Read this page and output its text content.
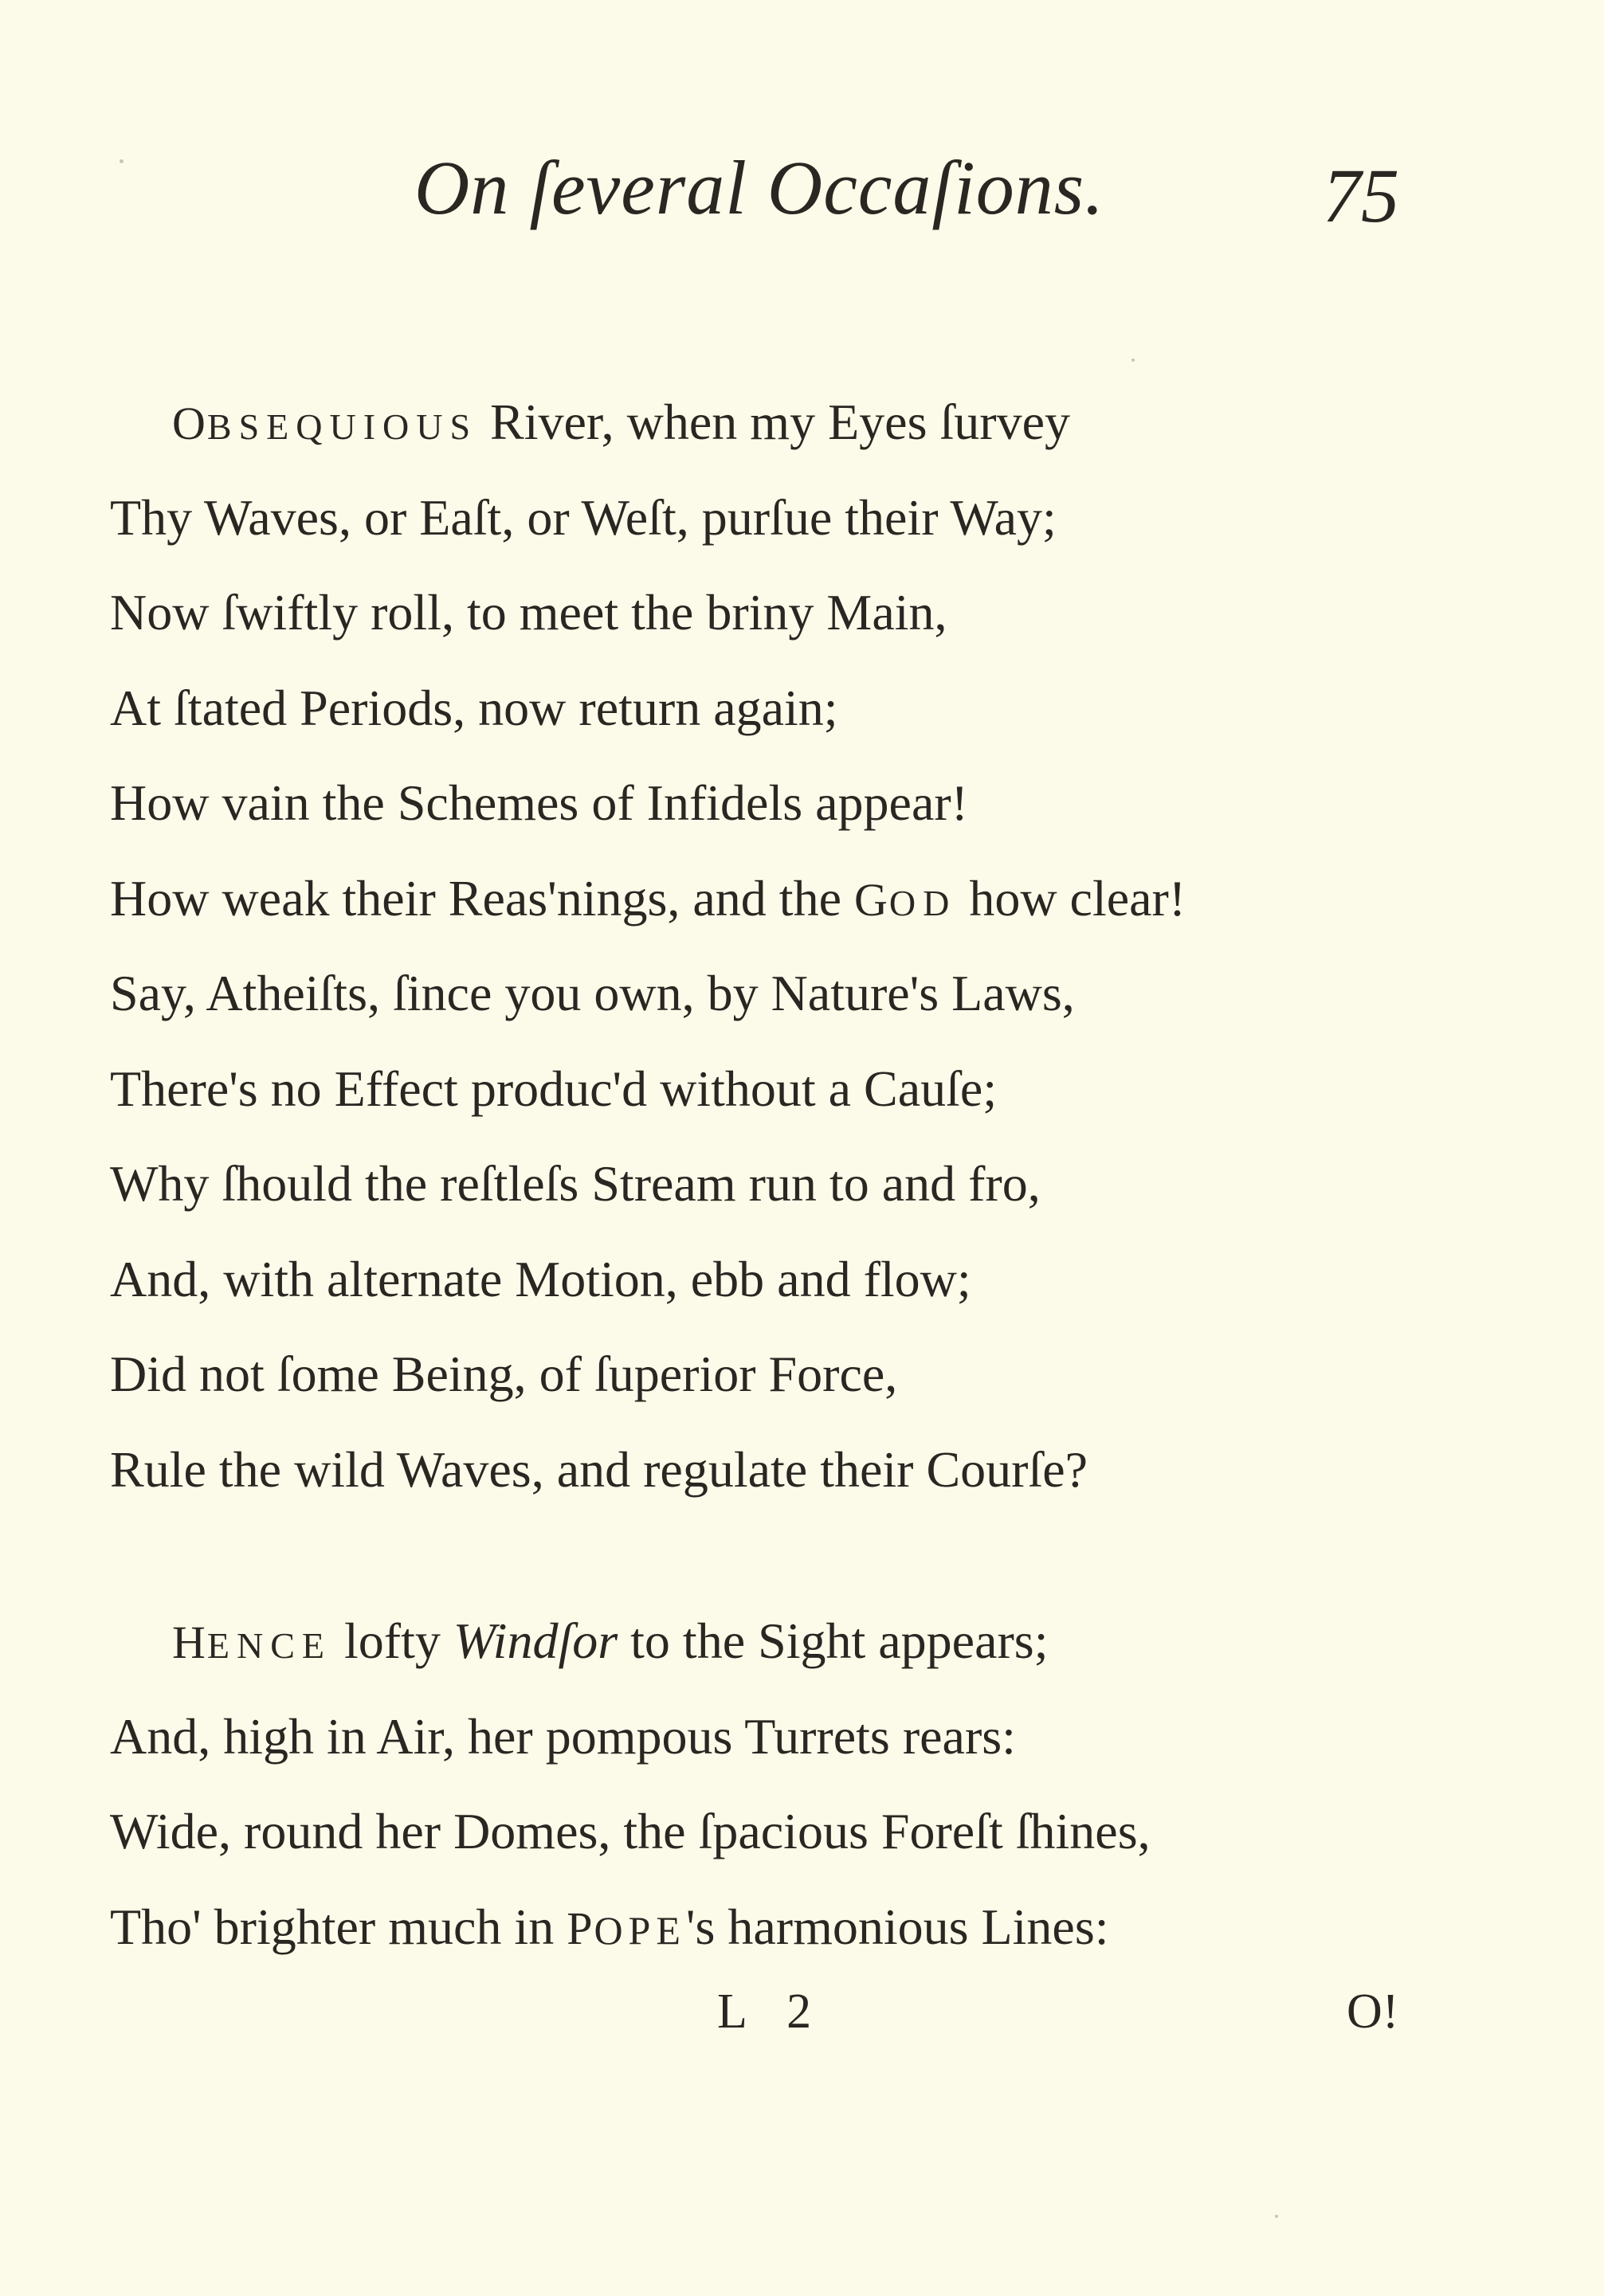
On ſeveral Occaſions.	75
OBSEQUIOUS River, when my Eyes ſurvey
Thy Waves, or Eaſt, or Weſt, purſue their Way;
Now ſwiftly roll, to meet the briny Main,
At ſtated Periods, now return again;
How vain the Schemes of Infidels appear!
How weak their Reas'nings, and the GOD how clear!
Say, Atheiſts, ſince you own, by Nature's Laws,
There's no Effect produc'd without a Cauſe;
Why ſhould the reſtleſs Stream run to and fro,
And, with alternate Motion, ebb and flow;
Did not ſome Being, of ſuperior Force,
Rule the wild Waves, and regulate their Courſe?
HENCE lofty Windſor to the Sight appears;
And, high in Air, her pompous Turrets rears:
Wide, round her Domes, the ſpacious Foreſt ſhines,
Tho' brighter much in POPE's harmonious Lines:
L 2	O!
